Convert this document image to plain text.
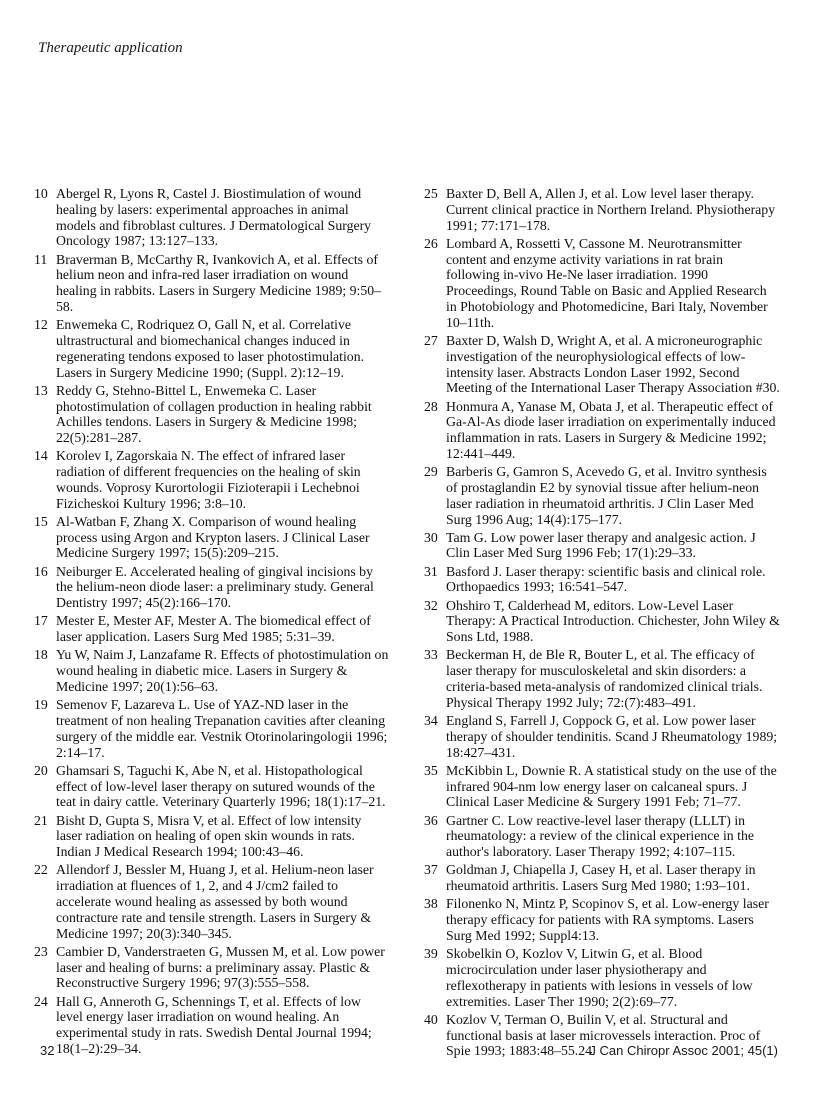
Therapeutic application
10 Abergel R, Lyons R, Castel J. Biostimulation of wound healing by lasers: experimental approaches in animal models and fibroblast cultures. J Dermatological Surgery Oncology 1987; 13:127–133.
11 Braverman B, McCarthy R, Ivankovich A, et al. Effects of helium neon and infra-red laser irradiation on wound healing in rabbits. Lasers in Surgery Medicine 1989; 9:50–58.
12 Enwemeka C, Rodriquez O, Gall N, et al. Correlative ultrastructural and biomechanical changes induced in regenerating tendons exposed to laser photostimulation. Lasers in Surgery Medicine 1990; (Suppl. 2):12–19.
13 Reddy G, Stehno-Bittel L, Enwemeka C. Laser photostimulation of collagen production in healing rabbit Achilles tendons. Lasers in Surgery & Medicine 1998; 22(5):281–287.
14 Korolev I, Zagorskaia N. The effect of infrared laser radiation of different frequencies on the healing of skin wounds. Voprosy Kurortologii Fizioterapii i Lechebnoi Fizicheskoi Kultury 1996; 3:8–10.
15 Al-Watban F, Zhang X. Comparison of wound healing process using Argon and Krypton lasers. J Clinical Laser Medicine Surgery 1997; 15(5):209–215.
16 Neiburger E. Accelerated healing of gingival incisions by the helium-neon diode laser: a preliminary study. General Dentistry 1997; 45(2):166–170.
17 Mester E, Mester AF, Mester A. The biomedical effect of laser application. Lasers Surg Med 1985; 5:31–39.
18 Yu W, Naim J, Lanzafame R. Effects of photostimulation on wound healing in diabetic mice. Lasers in Surgery & Medicine 1997; 20(1):56–63.
19 Semenov F, Lazareva L. Use of YAZ-ND laser in the treatment of non healing Trepanation cavities after cleaning surgery of the middle ear. Vestnik Otorinolaringologii 1996; 2:14–17.
20 Ghamsari S, Taguchi K, Abe N, et al. Histopathological effect of low-level laser therapy on sutured wounds of the teat in dairy cattle. Veterinary Quarterly 1996; 18(1):17–21.
21 Bisht D, Gupta S, Misra V, et al. Effect of low intensity laser radiation on healing of open skin wounds in rats. Indian J Medical Research 1994; 100:43–46.
22 Allendorf J, Bessler M, Huang J, et al. Helium-neon laser irradiation at fluences of 1, 2, and 4 J/cm2 failed to accelerate wound healing as assessed by both wound contracture rate and tensile strength. Lasers in Surgery & Medicine 1997; 20(3):340–345.
23 Cambier D, Vanderstraeten G, Mussen M, et al. Low power laser and healing of burns: a preliminary assay. Plastic & Reconstructive Surgery 1996; 97(3):555–558.
24 Hall G, Anneroth G, Schennings T, et al. Effects of low level energy laser irradiation on wound healing. An experimental study in rats. Swedish Dental Journal 1994; 18(1–2):29–34.
25 Baxter D, Bell A, Allen J, et al. Low level laser therapy. Current clinical practice in Northern Ireland. Physiotherapy 1991; 77:171–178.
26 Lombard A, Rossetti V, Cassone M. Neurotransmitter content and enzyme activity variations in rat brain following in-vivo He-Ne laser irradiation. 1990 Proceedings, Round Table on Basic and Applied Research in Photobiology and Photomedicine, Bari Italy, November 10–11th.
27 Baxter D, Walsh D, Wright A, et al. A microneurographic investigation of the neurophysiological effects of low-intensity laser. Abstracts London Laser 1992, Second Meeting of the International Laser Therapy Association #30.
28 Honmura A, Yanase M, Obata J, et al. Therapeutic effect of Ga-Al-As diode laser irradiation on experimentally induced inflammation in rats. Lasers in Surgery & Medicine 1992; 12:441–449.
29 Barberis G, Gamron S, Acevedo G, et al. Invitro synthesis of prostaglandin E2 by synovial tissue after helium-neon laser radiation in rheumatoid arthritis. J Clin Laser Med Surg 1996 Aug; 14(4):175–177.
30 Tam G. Low power laser therapy and analgesic action. J Clin Laser Med Surg 1996 Feb; 17(1):29–33.
31 Basford J. Laser therapy: scientific basis and clinical role. Orthopaedics 1993; 16:541–547.
32 Ohshiro T, Calderhead M, editors. Low-Level Laser Therapy: A Practical Introduction. Chichester, John Wiley & Sons Ltd, 1988.
33 Beckerman H, de Ble R, Bouter L, et al. The efficacy of laser therapy for musculoskeletal and skin disorders: a criteria-based meta-analysis of randomized clinical trials. Physical Therapy 1992 July; 72:(7):483–491.
34 England S, Farrell J, Coppock G, et al. Low power laser therapy of shoulder tendinitis. Scand J Rheumatology 1989; 18:427–431.
35 McKibbin L, Downie R. A statistical study on the use of the infrared 904-nm low energy laser on calcaneal spurs. J Clinical Laser Medicine & Surgery 1991 Feb; 71–77.
36 Gartner C. Low reactive-level laser therapy (LLLT) in rheumatology: a review of the clinical experience in the author's laboratory. Laser Therapy 1992; 4:107–115.
37 Goldman J, Chiapella J, Casey H, et al. Laser therapy in rheumatoid arthritis. Lasers Surg Med 1980; 1:93–101.
38 Filonenko N, Mintz P, Scopinov S, et al. Low-energy laser therapy efficacy for patients with RA symptoms. Lasers Surg Med 1992; Suppl4:13.
39 Skobelkin O, Kozlov V, Litwin G, et al. Blood microcirculation under laser physiotherapy and reflexotherapy in patients with lesions in vessels of low extremities. Laser Ther 1990; 2(2):69–77.
40 Kozlov V, Terman O, Builin V, et al. Structural and functional basis at laser microvessels interaction. Proc of Spie 1993; 1883:48–55.24.
32	J Can Chiropr Assoc 2001; 45(1)
